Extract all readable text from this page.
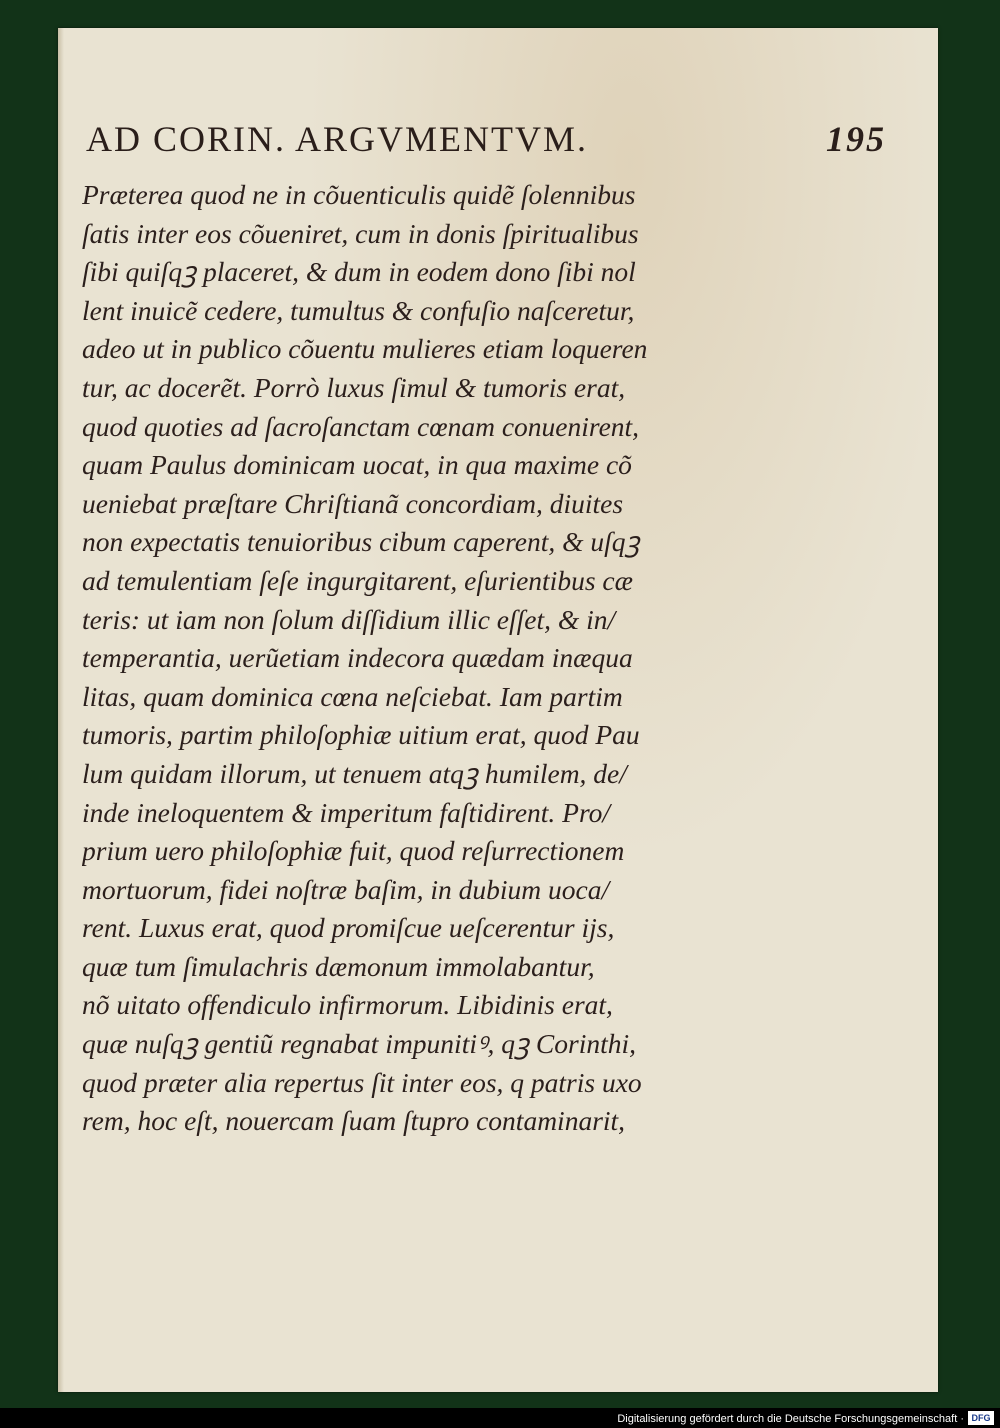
AD CORIN. ARGVMENTVM.	195
Præterea quod ne in cõuenticulis quidẽ ſolennibus
ſatis inter eos cõueniret, cum in donis ſpiritualibus
ſibi quiſqꝫ placeret, & dum in eodem dono ſibi nol
lent inuicẽ cedere, tumultus & confuſio naſceretur,
adeo ut in publico cõuentu mulieres etiam loqueren
tur, ac docerẽt. Porrò luxus ſimul & tumoris erat,
quod quoties ad ſacroſanctam cœnam conuenirent,
quam Paulus dominicam uocat, in qua maxime cõ
ueniebat præſtare Chriſtianã concordiam, diuites
non expectatis tenuioribus cibum caperent, & uſqꝫ
ad temulentiam ſeſe ingurgitarent, eſurientibus cæ
teris: ut iam non ſolum diſſidium illic eſſet, & in/
temperantia, uerũetiam indecora quædam inæqua
litas, quam dominica cœna neſciebat. Iam partim
tumoris, partim philoſophiæ uitium erat, quod Pau
lum quidam illorum, ut tenuem atqꝫ humilem, de/
inde ineloquentem & imperitum faſtidirent. Pro/
prium uero philoſophiæ fuit, quod reſurrectionem
mortuorum, fidei noſtræ baſim, in dubium uoca/
rent. Luxus erat, quod promiſcue ueſcerentur ijs,
quæ tum ſimulachris dæmonum immolabantur,
nõ uitato offendiculo infirmorum. Libidinis erat,
quæ nuſqꝫ gentiũ regnabat impunitiꝰ, qꝫ Corinthi,
quod præter alia repertus ſit inter eos, q patris uxo
rem, hoc eſt, nouercam ſuam ſtupro contaminarit,
Digitalisierung gefördert durch die Deutsche Forschungsgemeinschaft · DFG
